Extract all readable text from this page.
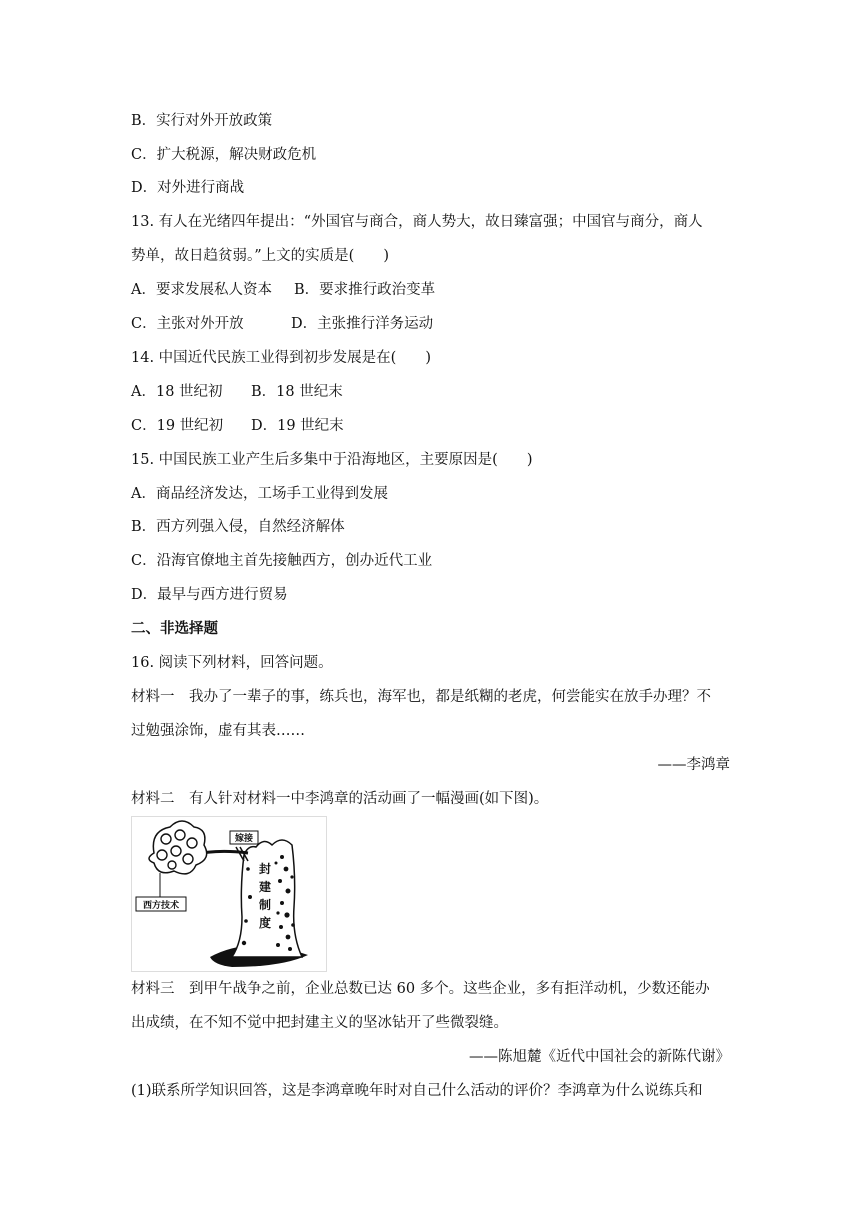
B．实行对外开放政策
C．扩大税源，解决财政危机
D．对外进行商战
13. 有人在光绪四年提出：“外国官与商合，商人势大，故日臻富强；中国官与商分，商人
势单，故日趋贫弱。”上文的实质是(　　)
A．要求发展私人资本 B．要求推行政治变革
C．主张对外开放	D．主张推行洋务运动
14. 中国近代民族工业得到初步发展是在(　　)
A．18 世纪初 B．18 世纪末
C．19 世纪初 D．19 世纪末
15. 中国民族工业产生后多集中于沿海地区，主要原因是(　　)
A．商品经济发达，工场手工业得到发展
B．西方列强入侵，自然经济解体
C．沿海官僚地主首先接触西方，创办近代工业
D．最早与西方进行贸易
二、非选择题
16. 阅读下列材料，回答问题。
材料一　我办了一辈子的事，练兵也，海军也，都是纸糊的老虎，何尝能实在放手办理？不
过勉强涂饰，虚有其表……
——李鸿章
材料二　有人针对材料一中李鸿章的活动画了一幅漫画(如下图)。
封
建
制
度
嫁接
西方技术
材料三　到甲午战争之前，企业总数已达 60 多个。这些企业，多有拒洋动机，少数还能办
出成绩，在不知不觉中把封建主义的坚冰钻开了些微裂缝。
——陈旭麓《近代中国社会的新陈代谢》
(1)联系所学知识回答，这是李鸿章晚年时对自己什么活动的评价？李鸿章为什么说练兵和
